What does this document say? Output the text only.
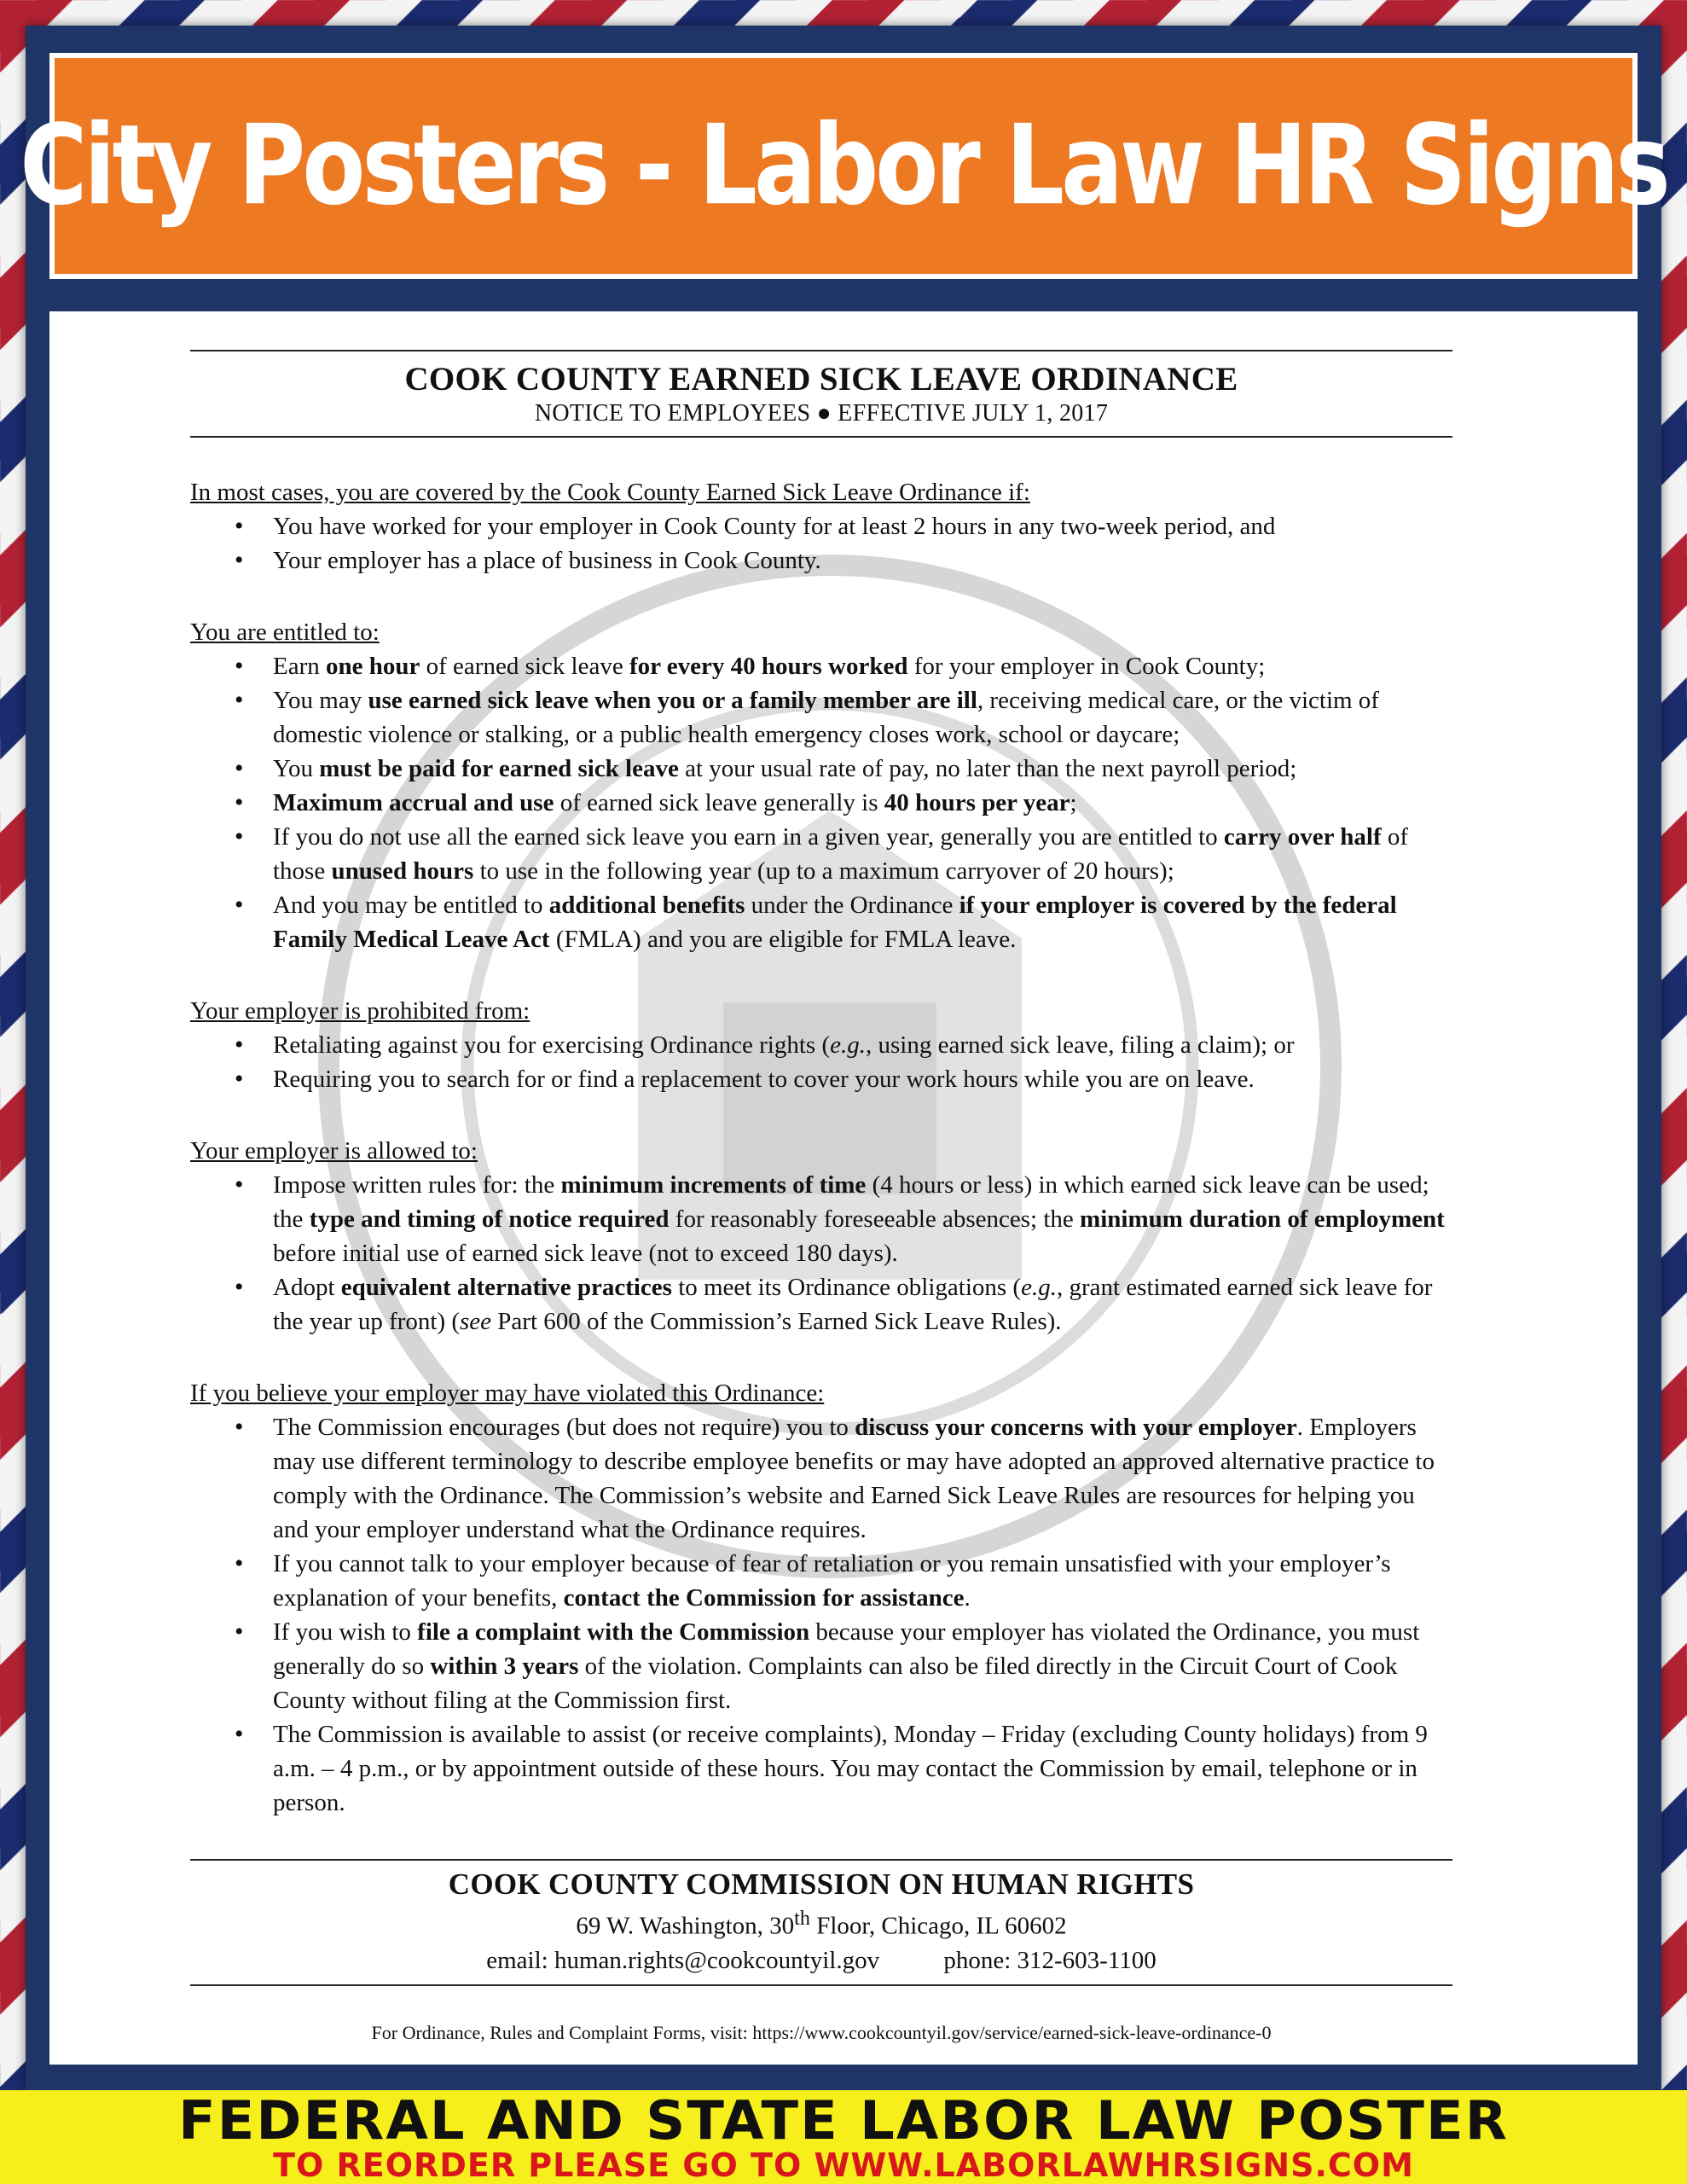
City Posters - Labor Law HR Signs
COOK COUNTY EARNED SICK LEAVE ORDINANCE
NOTICE TO EMPLOYEES ● EFFECTIVE JULY 1, 2017
In most cases, you are covered by the Cook County Earned Sick Leave Ordinance if:
• You have worked for your employer in Cook County for at least 2 hours in any two-week period, and
• Your employer has a place of business in Cook County.
You are entitled to:
• Earn one hour of earned sick leave for every 40 hours worked for your employer in Cook County;
• You may use earned sick leave when you or a family member are ill, receiving medical care, or the victim of domestic violence or stalking, or a public health emergency closes work, school or daycare;
• You must be paid for earned sick leave at your usual rate of pay, no later than the next payroll period;
• Maximum accrual and use of earned sick leave generally is 40 hours per year;
• If you do not use all the earned sick leave you earn in a given year, generally you are entitled to carry over half of those unused hours to use in the following year (up to a maximum carryover of 20 hours);
• And you may be entitled to additional benefits under the Ordinance if your employer is covered by the federal Family Medical Leave Act (FMLA) and you are eligible for FMLA leave.
Your employer is prohibited from:
• Retaliating against you for exercising Ordinance rights (e.g., using earned sick leave, filing a claim); or
• Requiring you to search for or find a replacement to cover your work hours while you are on leave.
Your employer is allowed to:
• Impose written rules for: the minimum increments of time (4 hours or less) in which earned sick leave can be used; the type and timing of notice required for reasonably foreseeable absences; the minimum duration of employment before initial use of earned sick leave (not to exceed 180 days).
• Adopt equivalent alternative practices to meet its Ordinance obligations (e.g., grant estimated earned sick leave for the year up front) (see Part 600 of the Commission’s Earned Sick Leave Rules).
If you believe your employer may have violated this Ordinance:
• The Commission encourages (but does not require) you to discuss your concerns with your employer. Employers may use different terminology to describe employee benefits or may have adopted an approved alternative practice to comply with the Ordinance. The Commission’s website and Earned Sick Leave Rules are resources for helping you and your employer understand what the Ordinance requires.
• If you cannot talk to your employer because of fear of retaliation or you remain unsatisfied with your employer’s explanation of your benefits, contact the Commission for assistance.
• If you wish to file a complaint with the Commission because your employer has violated the Ordinance, you must generally do so within 3 years of the violation. Complaints can also be filed directly in the Circuit Court of Cook County without filing at the Commission first.
• The Commission is available to assist (or receive complaints), Monday – Friday (excluding County holidays) from 9 a.m. – 4 p.m., or by appointment outside of these hours. You may contact the Commission by email, telephone or in person.
COOK COUNTY COMMISSION ON HUMAN RIGHTS
69 W. Washington, 30th Floor, Chicago, IL 60602
email: human.rights@cookcountyil.gov	phone: 312-603-1100
For Ordinance, Rules and Complaint Forms, visit: https://www.cookcountyil.gov/service/earned-sick-leave-ordinance-0
FEDERAL AND STATE LABOR LAW POSTER
TO REORDER PLEASE GO TO WWW.LABORLAWHRSIGNS.COM
